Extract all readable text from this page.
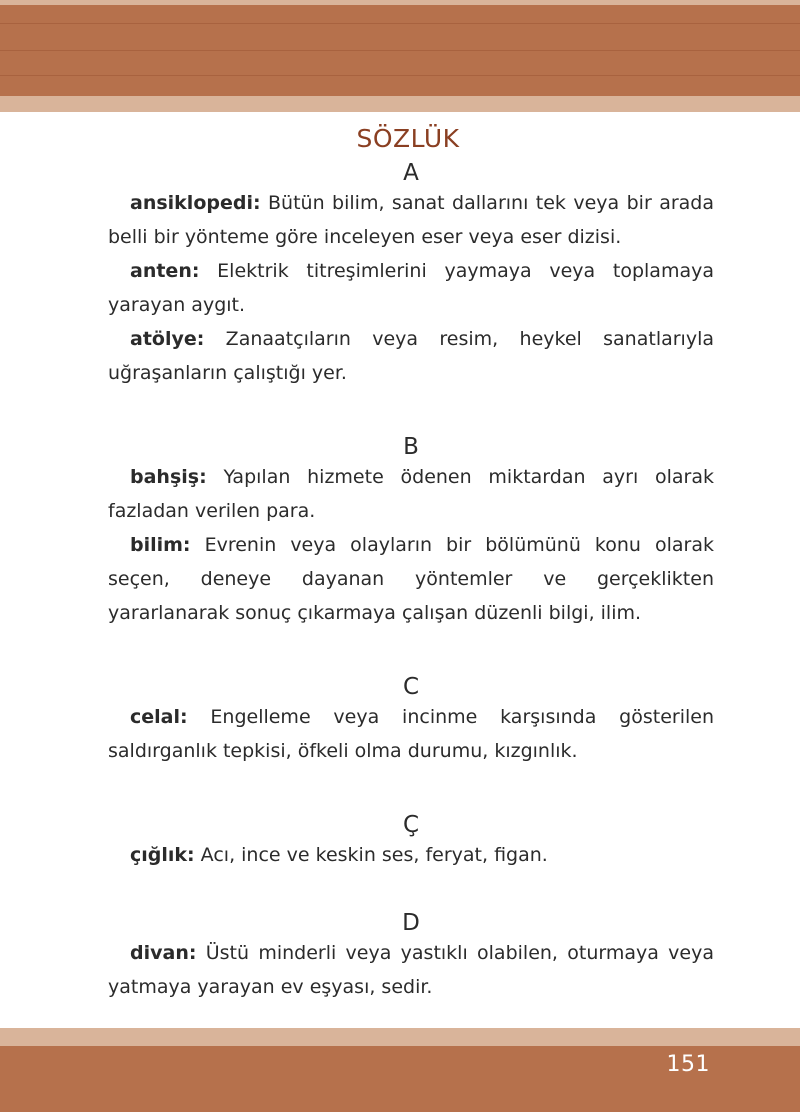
SÖZLÜK
A

ansiklopedi: Bütün bilim, sanat dallarını tek veya bir arada belli bir yönteme göre inceleyen eser veya eser dizisi.

anten: Elektrik titreşimlerini yaymaya veya toplamaya yarayan aygıt.

atölye: Zanaatçıların veya resim, heykel sanatlarıyla uğraşanların çalıştığı yer.

B

bahşiş: Yapılan hizmete ödenen miktardan ayrı olarak fazladan verilen para.

bilim: Evrenin veya olayların bir bölümünü konu olarak seçen, deneye dayanan yöntemler ve gerçeklikten yararlanarak sonuç çıkarmaya çalışan düzenli bilgi, ilim.

C

celal: Engelleme veya incinme karşısında gösterilen saldırganlık tepkisi, öfkeli olma durumu, kızgınlık.

Ç

çığlık: Acı, ince ve keskin ses, feryat, figan.

D

divan: Üstü minderli veya yastıklı olabilen, oturmaya veya yatmaya yarayan ev eşyası, sedir.

151
